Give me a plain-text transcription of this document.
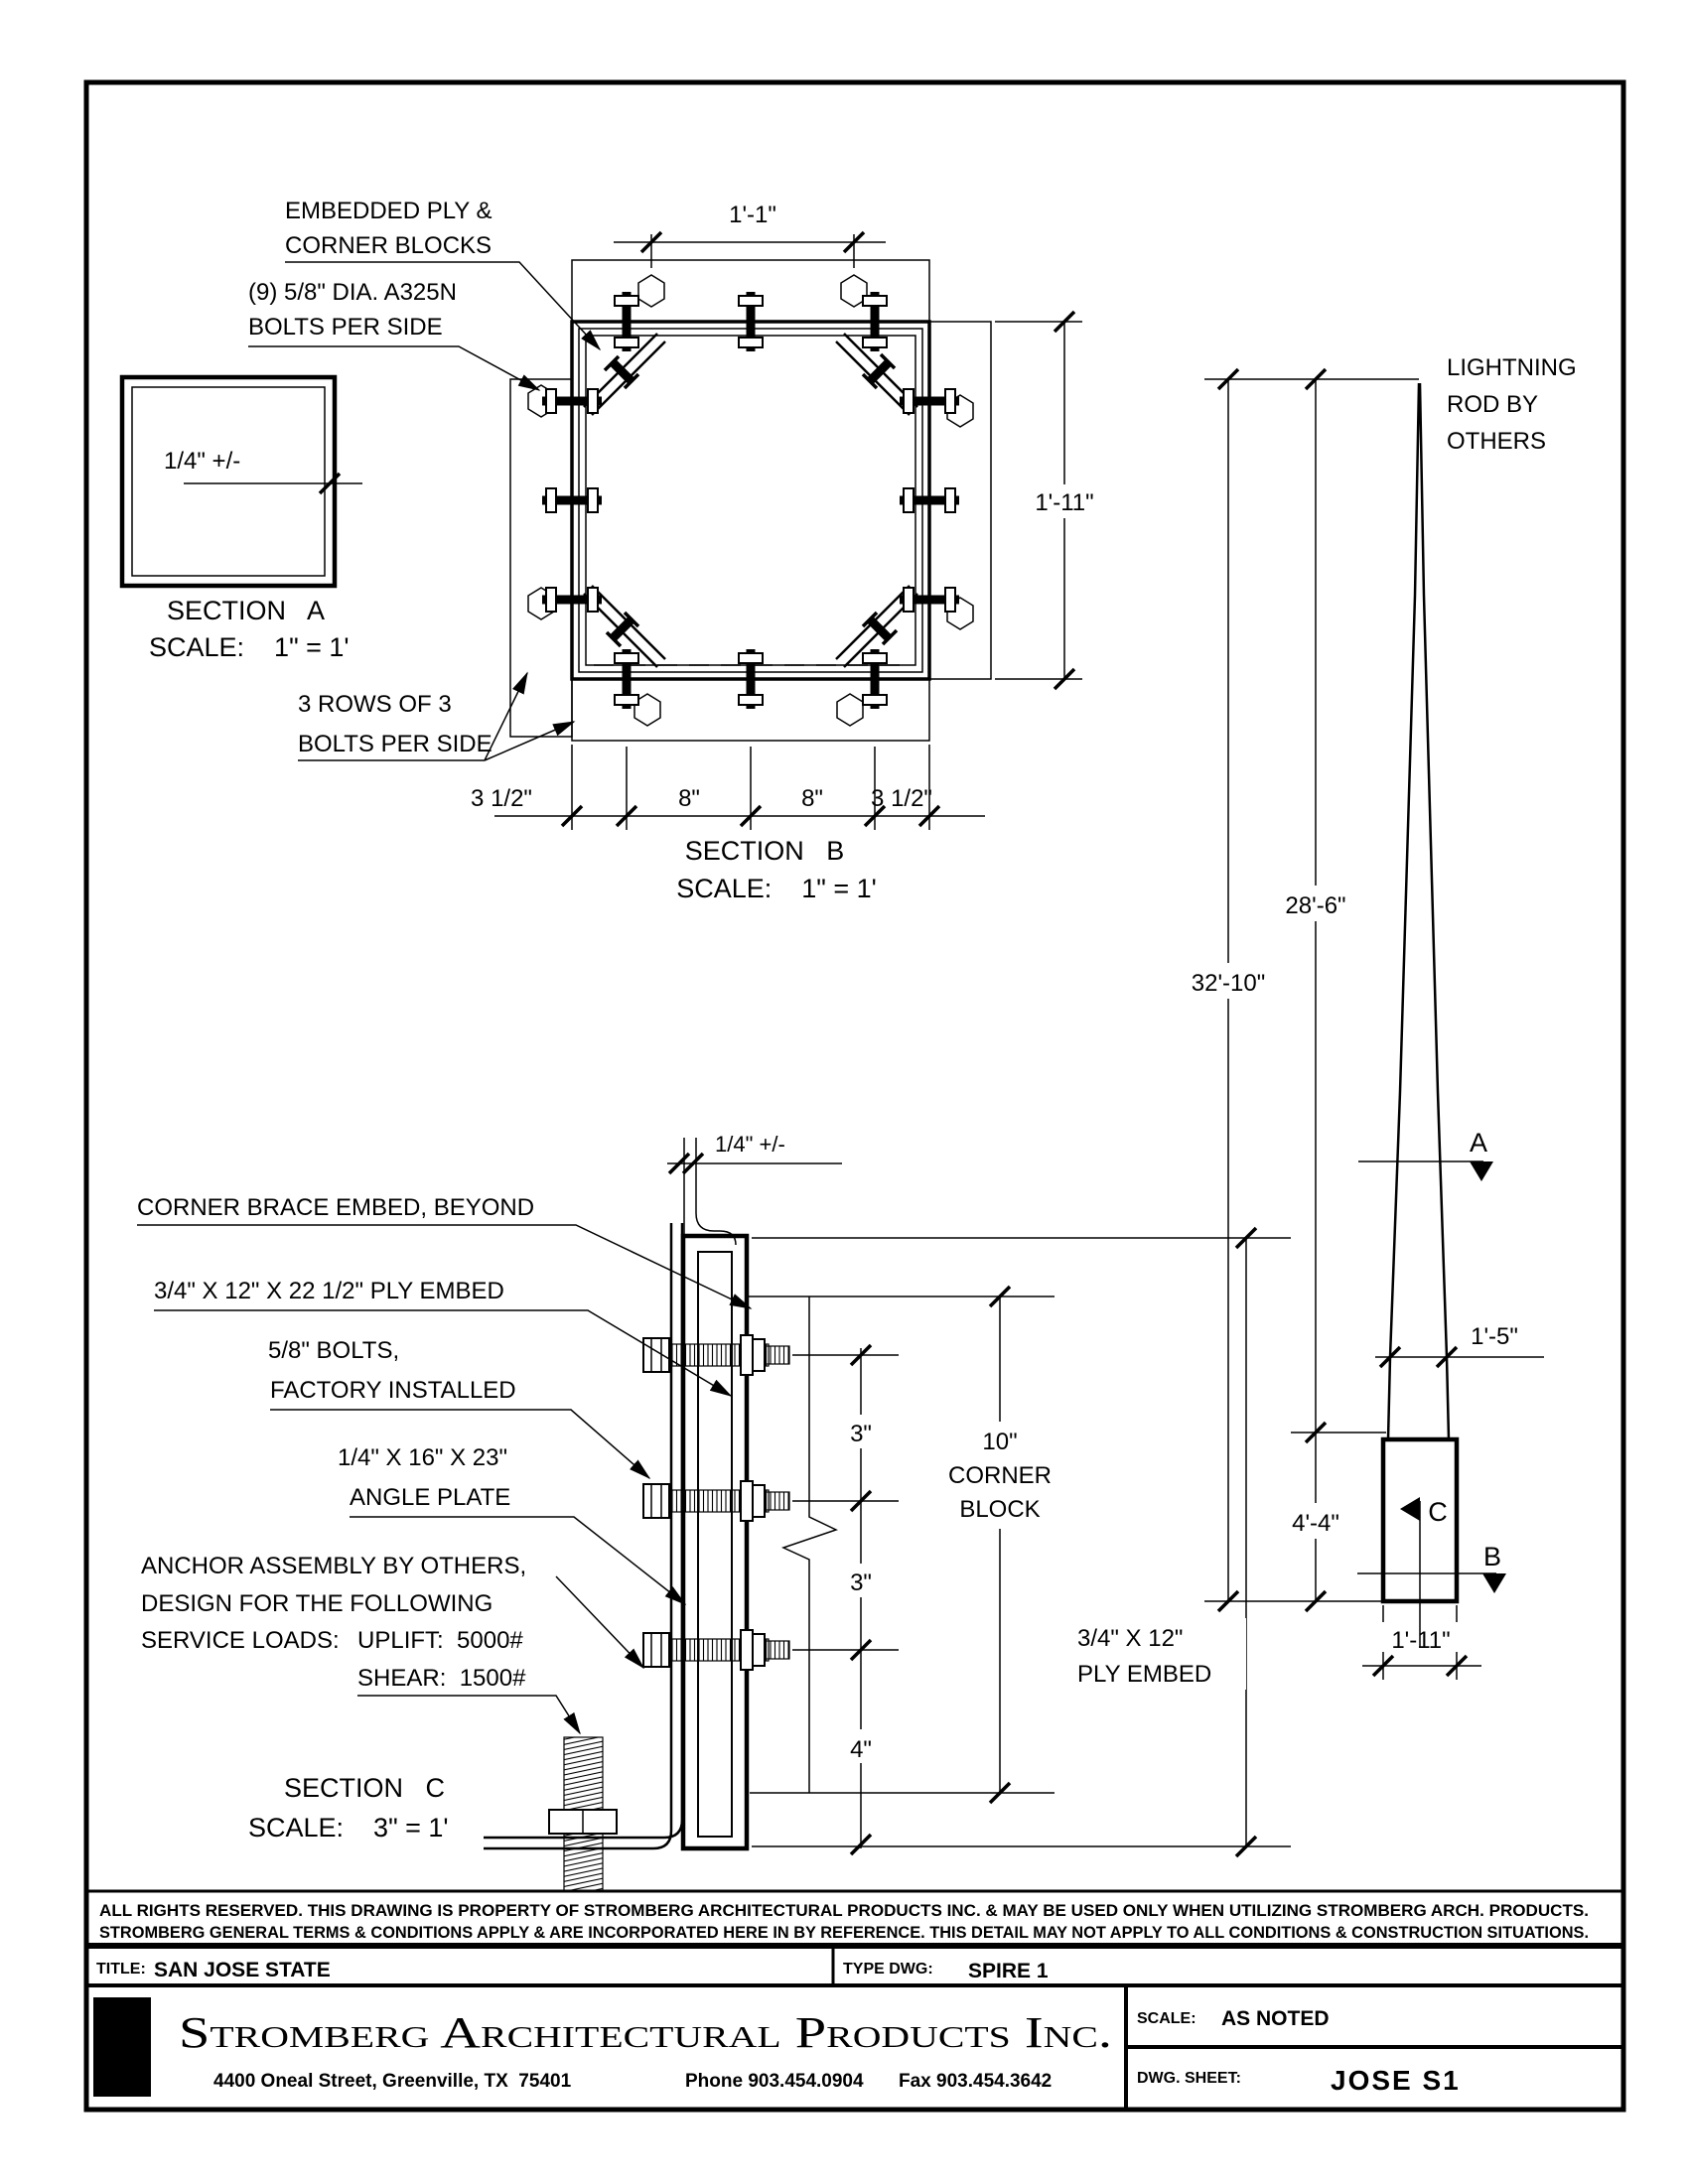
1/4" +/-
SECTION   A
SCALE:    1" = 1'
1'-1"
1'-11"
3 1/2"	8"	8" 3 1/2"
EMBEDDED PLY &
CORNER BLOCKS
(9) 5/8" DIA. A325N
BOLTS PER SIDE
3 ROWS OF 3
BOLTS PER SIDE
SECTION   B
SCALE:    1" = 1'
32'-10"
28'-6"
4'-4"
1'-5"
1'-11"
A
B
C
LIGHTNING
ROD BY
OTHERS
1/4" +/-
3"
3"
4"
10"
CORNER
BLOCK
3/4" X 12"
PLY EMBED
CORNER BRACE EMBED, BEYOND
3/4" X 12" X 22 1/2" PLY EMBED
5/8" BOLTS,
FACTORY INSTALLED
1/4" X 16" X 23"
ANGLE PLATE
ANCHOR ASSEMBLY BY OTHERS,
DESIGN FOR THE FOLLOWING
SERVICE LOADS: UPLIFT:  5000#
SHEAR:  1500#
SECTION   C
SCALE:    3" = 1'
ALL RIGHTS RESERVED. THIS DRAWING IS PROPERTY OF STROMBERG ARCHITECTURAL PRODUCTS INC. & MAY BE USED ONLY WHEN UTILIZING STROMBERG ARCH. PRODUCTS.
STROMBERG GENERAL TERMS & CONDITIONS APPLY & ARE INCORPORATED HERE IN BY REFERENCE. THIS DETAIL MAY NOT APPLY TO ALL CONDITIONS & CONSTRUCTION SITUATIONS.
TITLE: SAN JOSE STATE	TYPE DWG: SPIRE 1
S Stromberg Architectural Products Inc.
4400 Oneal Street, Greenville, TX  75401	Phone 903.454.0904 Fax 903.454.3642
SCALE: AS NOTED
DWG. SHEET:	JOSE S1
